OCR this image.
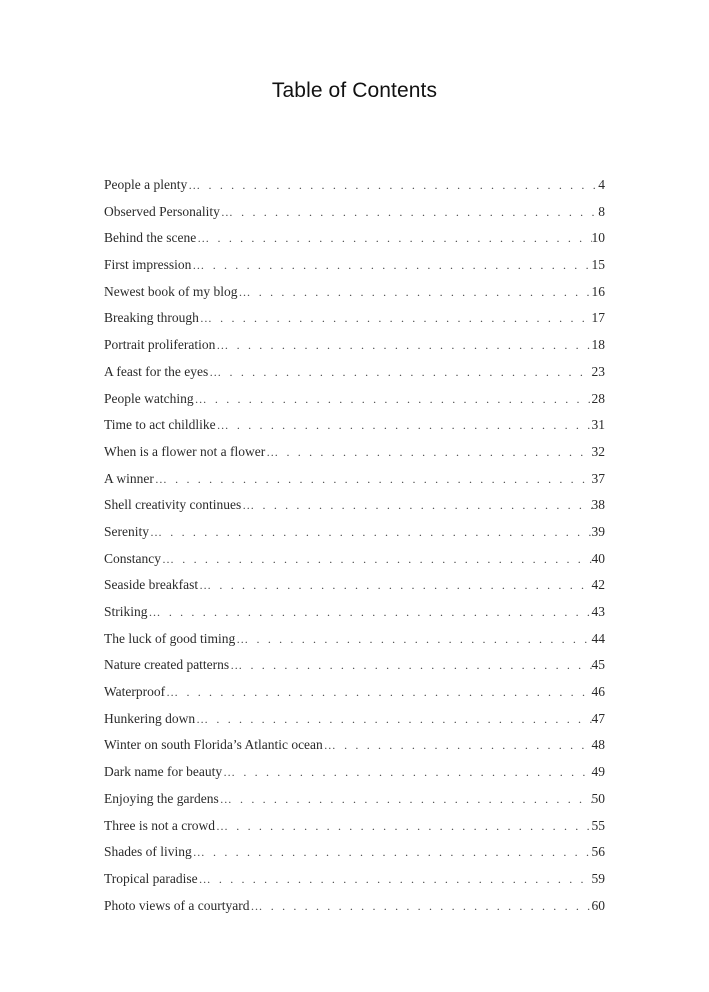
Table of Contents
People a plenty … . . . . . . . . . . . . . . . . . . . . . . . . . . . . . . . . . . . . . . . . . . . . . . . . . . . . . . . . . . . . . . . . . . . . . . . . . . . . . . . . . . . . . . . . . . . . . .	4
Observed Personality … . . . . . . . . . . . . . . . . . . . . . . . . . . . . . . . . . . . . . . . . . . . . . . . . . . . . . . . . . . . . . . . . . . . . . . . . . . . . . . . . . . . . . . . . . . . . . .	8
Behind the scene … . . . . . . . . . . . . . . . . . . . . . . . . . . . . . . . . . . . . . . . . . . . . . . . . . . . . . . . . . . . . . . . . . . . . . . . . . . . . . . . . . . . . . . . . . . . . . .	10
First impression … . . . . . . . . . . . . . . . . . . . . . . . . . . . . . . . . . . . . . . . . . . . . . . . . . . . . . . . . . . . . . . . . . . . . . . . . . . . . . . . . . . . . . . . . . . . . . .	15
Newest book of my blog … . . . . . . . . . . . . . . . . . . . . . . . . . . . . . . . . . . . . . . . . . . . . . . . . . . . . . . . . . . . . . . . . . . . . . . . . . . . . . . . . . . . . . . . . . . . . . .	16
Breaking through … . . . . . . . . . . . . . . . . . . . . . . . . . . . . . . . . . . . . . . . . . . . . . . . . . . . . . . . . . . . . . . . . . . . . . . . . . . . . . . . . . . . . . . . . . . . . . .	17
Portrait proliferation … . . . . . . . . . . . . . . . . . . . . . . . . . . . . . . . . . . . . . . . . . . . . . . . . . . . . . . . . . . . . . . . . . . . . . . . . . . . . . . . . . . . . . . . . . . . . . .	18
A feast for the eyes … . . . . . . . . . . . . . . . . . . . . . . . . . . . . . . . . . . . . . . . . . . . . . . . . . . . . . . . . . . . . . . . . . . . . . . . . . . . . . . . . . . . . . . . . . . . . . .	23
People watching … . . . . . . . . . . . . . . . . . . . . . . . . . . . . . . . . . . . . . . . . . . . . . . . . . . . . . . . . . . . . . . . . . . . . . . . . . . . . . . . . . . . . . . . . . . . . . .	28
Time to act childlike … . . . . . . . . . . . . . . . . . . . . . . . . . . . . . . . . . . . . . . . . . . . . . . . . . . . . . . . . . . . . . . . . . . . . . . . . . . . . . . . . . . . . . . . . . . . . . .	31
When is a flower not a flower … . . . . . . . . . . . . . . . . . . . . . . . . . . . . . . . . . . . . . . . . . . . . . . . . . . . . . . . . . . . . . . . . . . . . . . . . . . . . . . . . . . . . . . . . . . . . . .	32
A winner … . . . . . . . . . . . . . . . . . . . . . . . . . . . . . . . . . . . . . . . . . . . . . . . . . . . . . . . . . . . . . . . . . . . . . . . . . . . . . . . . . . . . . . . . . . . . . .	37
Shell creativity continues … . . . . . . . . . . . . . . . . . . . . . . . . . . . . . . . . . . . . . . . . . . . . . . . . . . . . . . . . . . . . . . . . . . . . . . . . . . . . . . . . . . . . . . . . . . . . . .	38
Serenity … . . . . . . . . . . . . . . . . . . . . . . . . . . . . . . . . . . . . . . . . . . . . . . . . . . . . . . . . . . . . . . . . . . . . . . . . . . . . . . . . . . . . . . . . . . . . . .	39
Constancy … . . . . . . . . . . . . . . . . . . . . . . . . . . . . . . . . . . . . . . . . . . . . . . . . . . . . . . . . . . . . . . . . . . . . . . . . . . . . . . . . . . . . . . . . . . . . . .	40
Seaside breakfast … . . . . . . . . . . . . . . . . . . . . . . . . . . . . . . . . . . . . . . . . . . . . . . . . . . . . . . . . . . . . . . . . . . . . . . . . . . . . . . . . . . . . . . . . . . . . . .	42
Striking … . . . . . . . . . . . . . . . . . . . . . . . . . . . . . . . . . . . . . . . . . . . . . . . . . . . . . . . . . . . . . . . . . . . . . . . . . . . . . . . . . . . . . . . . . . . . . .	43
The luck of good timing … . . . . . . . . . . . . . . . . . . . . . . . . . . . . . . . . . . . . . . . . . . . . . . . . . . . . . . . . . . . . . . . . . . . . . . . . . . . . . . . . . . . . . . . . . . . . . .	44
Nature created patterns … . . . . . . . . . . . . . . . . . . . . . . . . . . . . . . . . . . . . . . . . . . . . . . . . . . . . . . . . . . . . . . . . . . . . . . . . . . . . . . . . . . . . . . . . . . . . . .	45
Waterproof … . . . . . . . . . . . . . . . . . . . . . . . . . . . . . . . . . . . . . . . . . . . . . . . . . . . . . . . . . . . . . . . . . . . . . . . . . . . . . . . . . . . . . . . . . . . . . .	46
Hunkering down … . . . . . . . . . . . . . . . . . . . . . . . . . . . . . . . . . . . . . . . . . . . . . . . . . . . . . . . . . . . . . . . . . . . . . . . . . . . . . . . . . . . . . . . . . . . . . .	47
Winter on south Florida’s Atlantic ocean … . . . . . . . . . . . . . . . . . . . . . . . . . . . . . . . . . . . . . . . . . . . . . . . . . . . . . . . . . . . . . . . . . . . . . . . . . . . . . . . . . . . . . . . . . . . . . .	48
Dark name for beauty … . . . . . . . . . . . . . . . . . . . . . . . . . . . . . . . . . . . . . . . . . . . . . . . . . . . . . . . . . . . . . . . . . . . . . . . . . . . . . . . . . . . . . . . . . . . . . .	49
Enjoying the gardens … . . . . . . . . . . . . . . . . . . . . . . . . . . . . . . . . . . . . . . . . . . . . . . . . . . . . . . . . . . . . . . . . . . . . . . . . . . . . . . . . . . . . . . . . . . . . . .	50
Three is not a crowd … . . . . . . . . . . . . . . . . . . . . . . . . . . . . . . . . . . . . . . . . . . . . . . . . . . . . . . . . . . . . . . . . . . . . . . . . . . . . . . . . . . . . . . . . . . . . . .	55
Shades of living … . . . . . . . . . . . . . . . . . . . . . . . . . . . . . . . . . . . . . . . . . . . . . . . . . . . . . . . . . . . . . . . . . . . . . . . . . . . . . . . . . . . . . . . . . . . . . .	56
Tropical paradise … . . . . . . . . . . . . . . . . . . . . . . . . . . . . . . . . . . . . . . . . . . . . . . . . . . . . . . . . . . . . . . . . . . . . . . . . . . . . . . . . . . . . . . . . . . . . . .	59
Photo views of a courtyard … . . . . . . . . . . . . . . . . . . . . . . . . . . . . . . . . . . . . . . . . . . . . . . . . . . . . . . . . . . . . . . . . . . . . . . . . . . . . . . . . . . . . . . . . . . . . . .	60
